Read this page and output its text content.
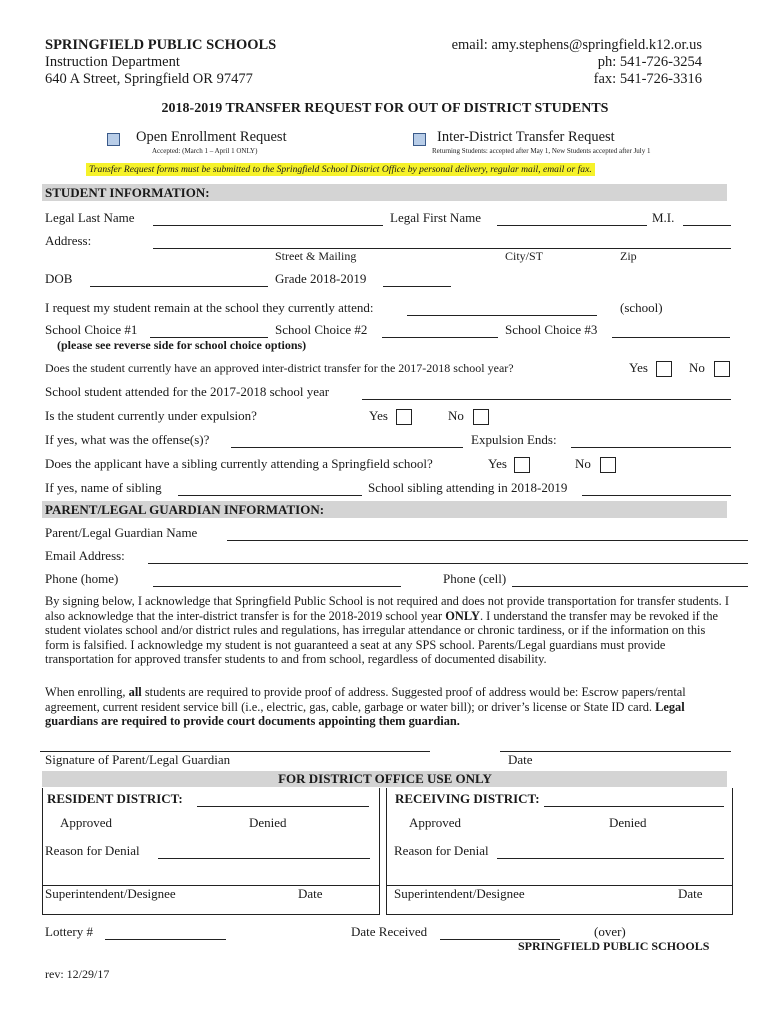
SPRINGFIELD PUBLIC SCHOOLS
Instruction Department
640 A Street, Springfield OR 97477
email: amy.stephens@springfield.k12.or.us
ph: 541-726-3254
fax: 541-726-3316
2018-2019 TRANSFER REQUEST FOR OUT OF DISTRICT STUDENTS
Open Enrollment Request
Accepted: (March 1 – April 1 ONLY)
Inter-District Transfer Request
Returning Students: accepted after May 1, New Students accepted after July 1
Transfer Request forms must be submitted to the Springfield School District Office by personal delivery, regular mail, email or fax.
STUDENT INFORMATION:
Legal Last Name	Legal First Name	M.I.
Address:
Street & Mailing	City/ST	Zip
DOB	Grade 2018-2019
I request my student remain at the school they currently attend:	(school)
School Choice #1	School Choice #2	School Choice #3
(please see reverse side for school choice options)
Does the student currently have an approved inter-district transfer for the 2017-2018 school year?	Yes	No
School student attended for the 2017-2018 school year
Is the student currently under expulsion?	Yes	No
If yes, what was the offense(s)?	Expulsion Ends:
Does the applicant have a sibling currently attending a Springfield school?	Yes	No
If yes, name of sibling	School sibling attending in 2018-2019
PARENT/LEGAL GUARDIAN INFORMATION:
Parent/Legal Guardian Name
Email Address:
Phone (home)	Phone (cell)
By signing below, I acknowledge that Springfield Public School is not required and does not provide transportation for transfer students. I also acknowledge that the inter-district transfer is for the 2018-2019 school year ONLY. I understand the transfer may be revoked if the student violates school and/or district rules and regulations, has irregular attendance or chronic tardiness, or if the information on this form is falsified. I acknowledge my student is not guaranteed a seat at any SPS school. Parents/Legal guardians must provide transportation for approved transfer students to and from school, regardless of documented disability.
When enrolling, all students are required to provide proof of address. Suggested proof of address would be: Escrow papers/rental agreement, current resident service bill (i.e., electric, gas, cable, garbage or water bill); or driver’s license or State ID card. Legal guardians are required to provide court documents appointing them guardian.
Signature of Parent/Legal Guardian	Date
FOR DISTRICT OFFICE USE ONLY
RESIDENT DISTRICT:	RECEIVING DISTRICT:
Approved	Denied	Approved	Denied
Reason for Denial	Reason for Denial
Superintendent/Designee	Date	Superintendent/Designee	Date
Lottery #	Date Received	(over)
SPRINGFIELD PUBLIC SCHOOLS
rev: 12/29/17
